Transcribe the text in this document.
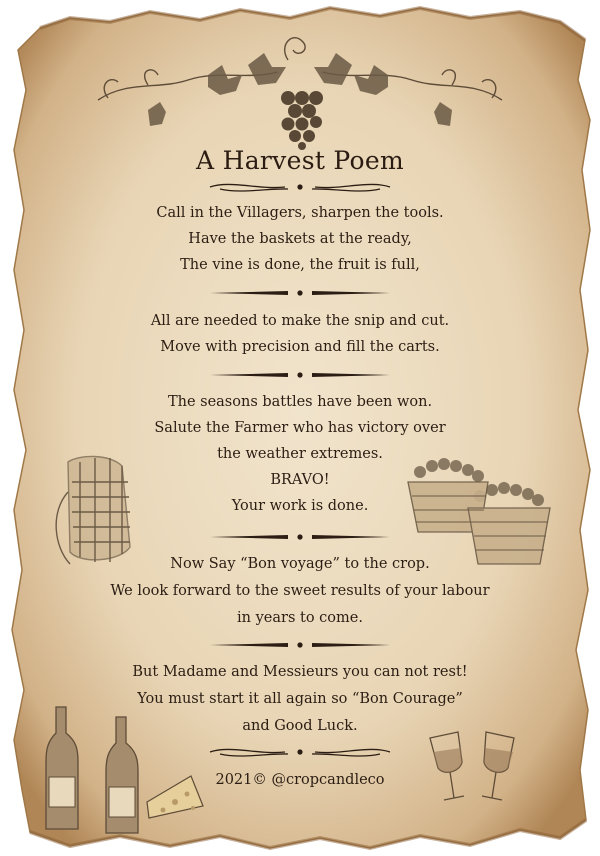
A Harvest Poem
Call in the Villagers, sharpen the tools.
Have the baskets at the ready,
The vine is done, the fruit is full,
All are needed to make the snip and cut.
Move with precision and fill the carts.
The seasons battles have been won.
Salute the Farmer who has victory over
the weather extremes.
BRAVO!
Your work is done.
Now Say “Bon voyage” to the crop.
We look forward to the sweet results of your labour
in years to come.
But Madame and Messieurs you can not rest!
You must start it all again so “Bon Courage”
and Good Luck.
2021© @cropcandleco
